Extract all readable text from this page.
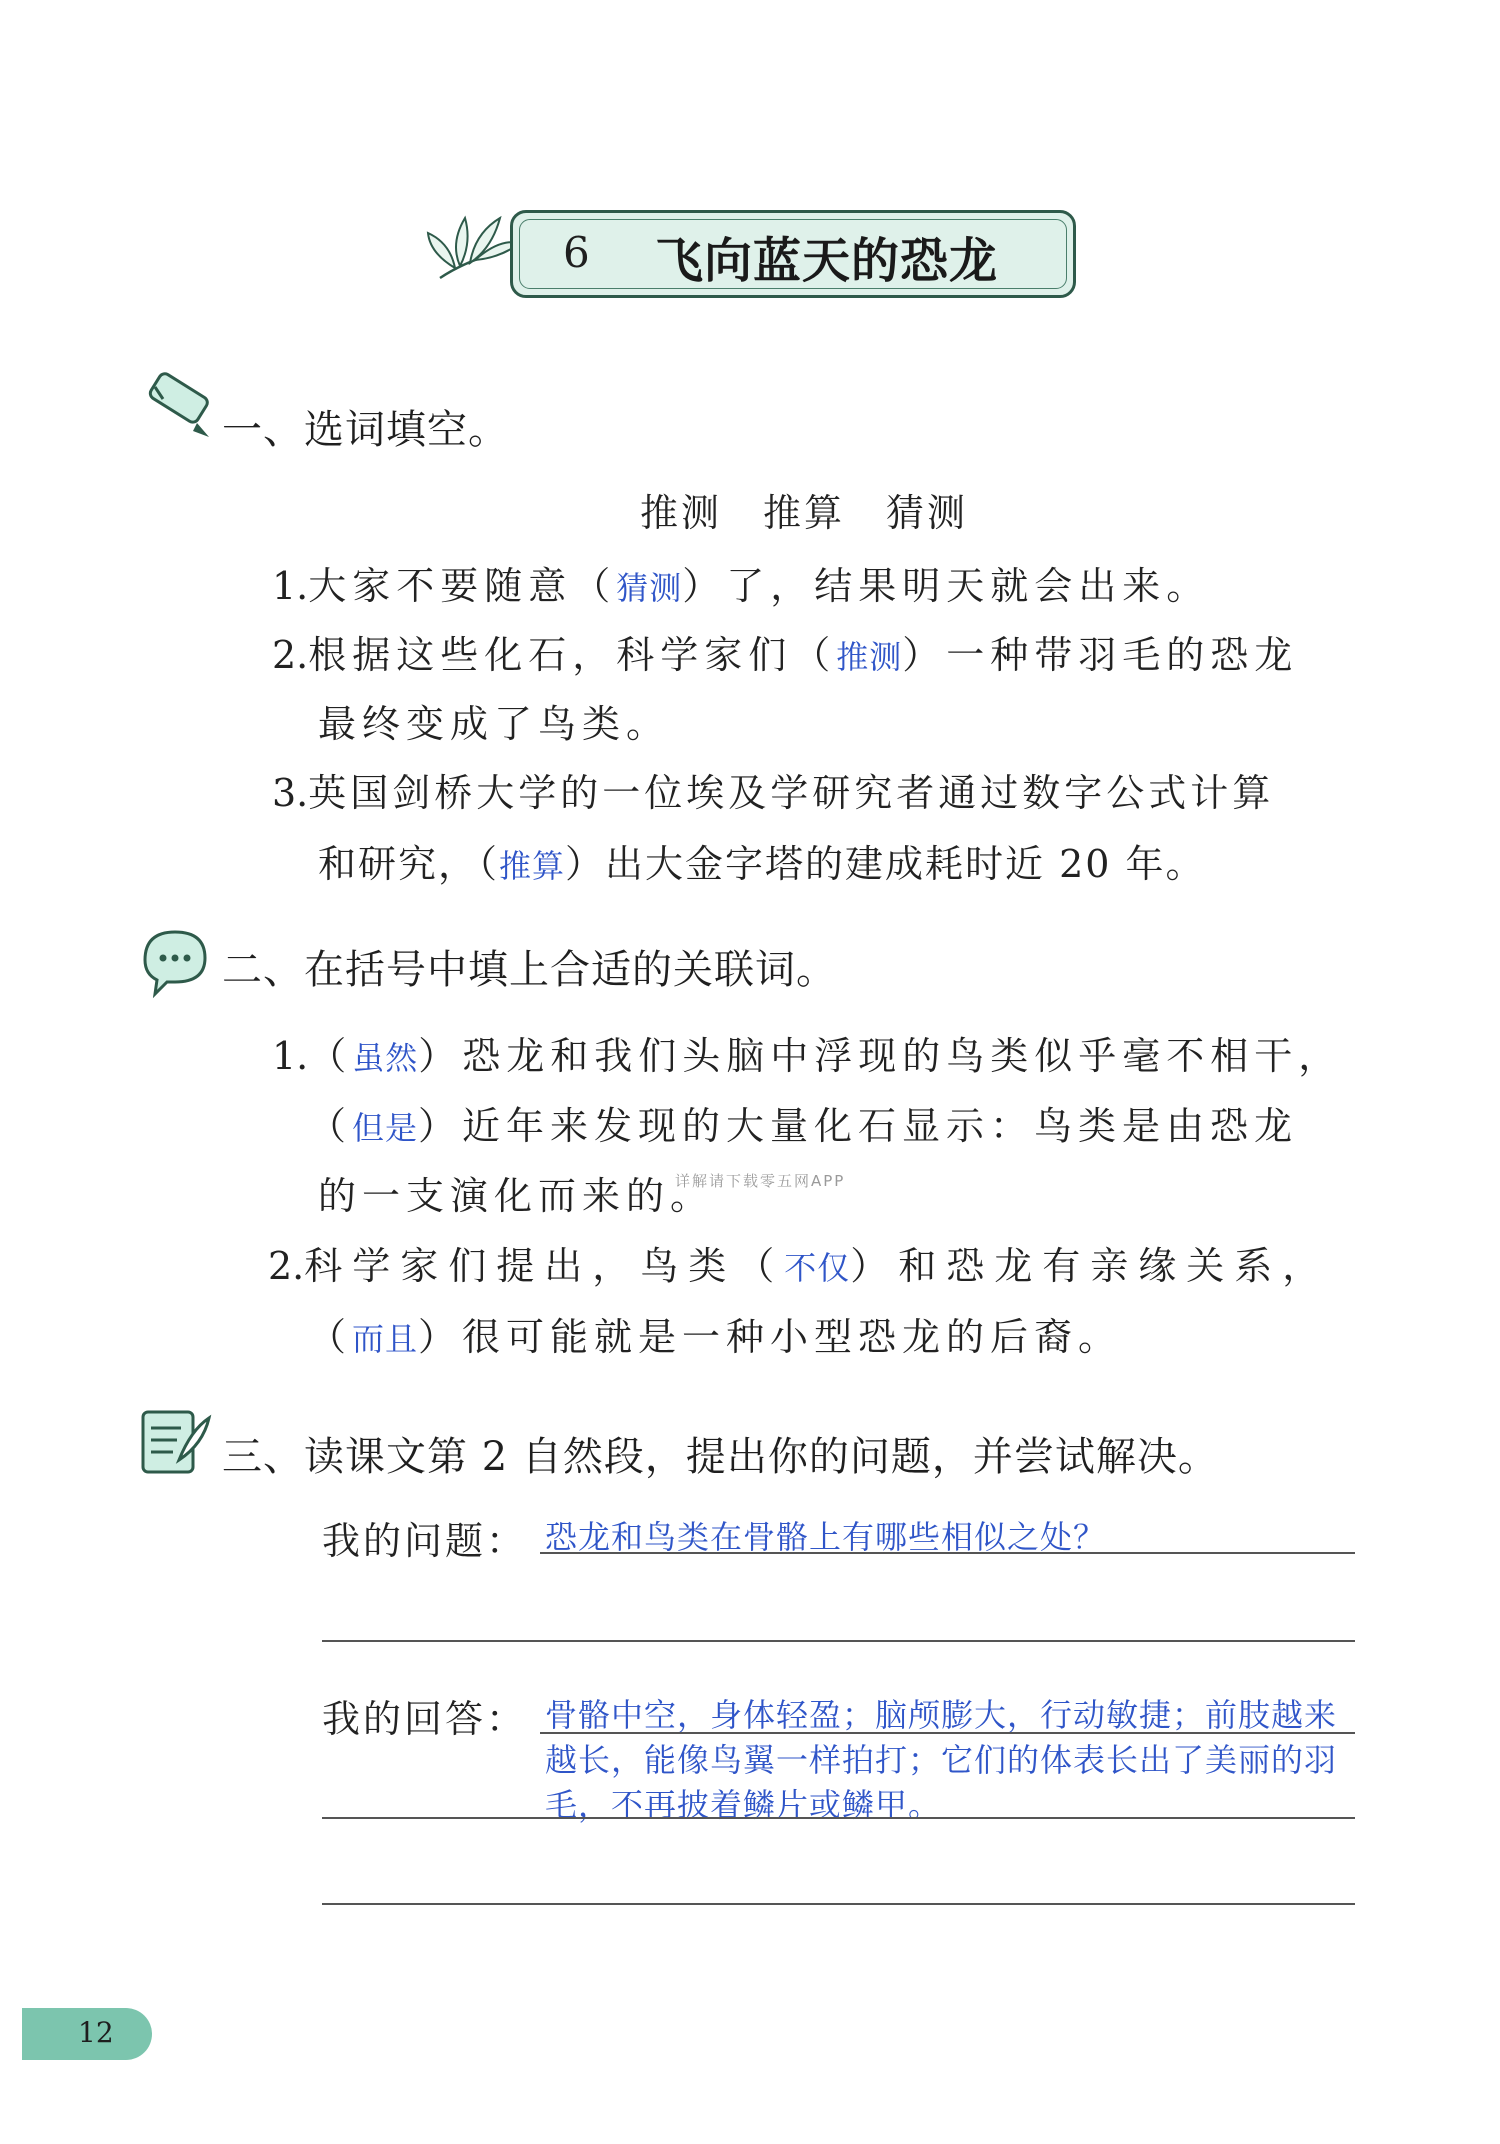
6 飞向蓝天的恐龙
一、选词填空。
推测　推算　猜测
1.大家不要随意（猜测）了，结果明天就会出来。
2.根据这些化石，科学家们（推测）一种带羽毛的恐龙
最终变成了鸟类。
3.英国剑桥大学的一位埃及学研究者通过数字公式计算
和研究，（推算）出大金字塔的建成耗时近 20 年。
二、在括号中填上合适的关联词。
1.（虽然）恐龙和我们头脑中浮现的鸟类似乎毫不相干，
（但是）近年来发现的大量化石显示：鸟类是由恐龙
的一支演化而来的。
详解请下载零五网APP
2.科学家们提出，鸟类（不仅）和恐龙有亲缘关系，
（而且）很可能就是一种小型恐龙的后裔。
三、读课文第 2 自然段，提出你的问题，并尝试解决。
我的问题： 恐龙和鸟类在骨骼上有哪些相似之处？
我的回答： 骨骼中空，身体轻盈；脑颅膨大，行动敏捷；前肢越来
越长，能像鸟翼一样拍打；它们的体表长出了美丽的羽
毛，不再披着鳞片或鳞甲。
12
